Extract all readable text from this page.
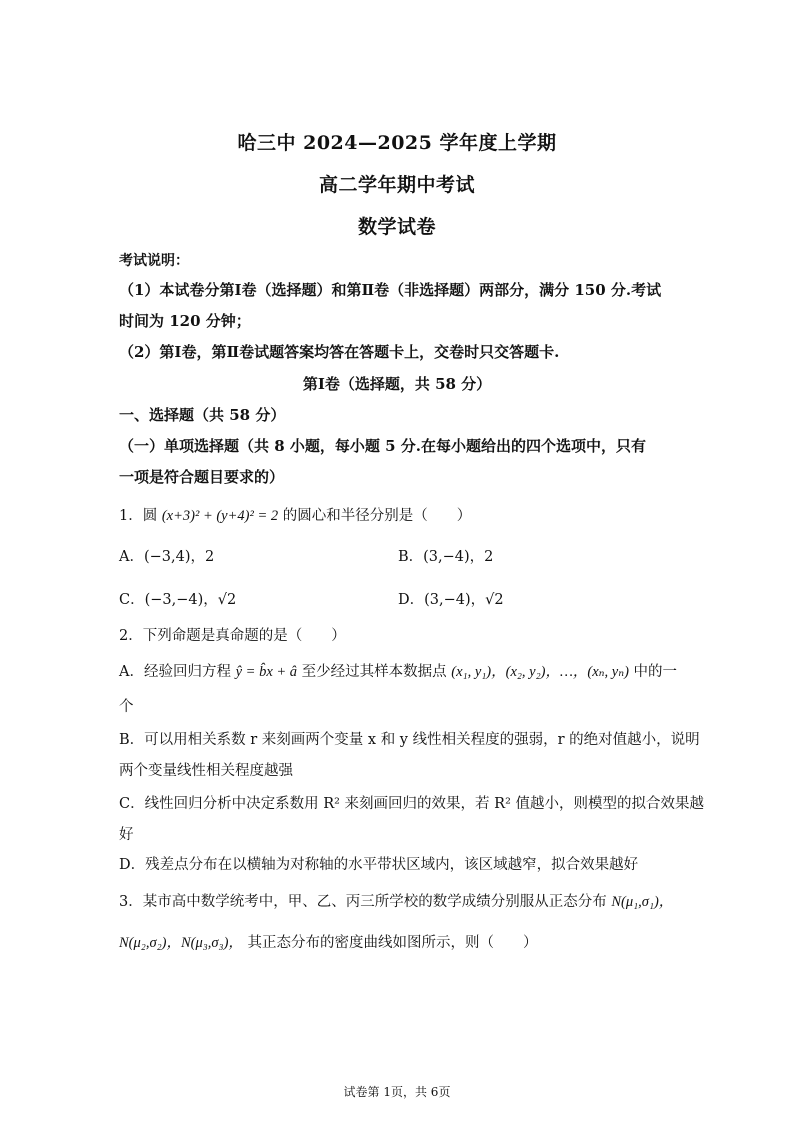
哈三中 2024—2025 学年度上学期
高二学年期中考试
数学试卷
考试说明：
（1）本试卷分第Ⅰ卷（选择题）和第Ⅱ卷（非选择题）两部分，满分 150 分.考试
时间为 120 分钟；
（2）第Ⅰ卷，第Ⅱ卷试题答案均答在答题卡上，交卷时只交答题卡.
第Ⅰ卷（选择题，共 58 分）
一、选择题（共 58 分）
（一）单项选择题（共 8 小题，每小题 5 分.在每小题给出的四个选项中，只有
一项是符合题目要求的）
1．圆 (x+3)² + (y+4)² = 2 的圆心和半径分别是（　　）
A．(−3,4)，2	B．(3,−4)，2
C．(−3,−4)，√2	D．(3,−4)，√2
2．下列命题是真命题的是（　　）
A．经验回归方程 ŷ = b̂x + â 至少经过其样本数据点 (x₁, y₁)，(x₂, y₂)，…，(xₙ, yₙ) 中的一
个
B．可以用相关系数 r 来刻画两个变量 x 和 y 线性相关程度的强弱，r 的绝对值越小，说明
两个变量线性相关程度越强
C．线性回归分析中决定系数用 R² 来刻画回归的效果，若 R² 值越小，则模型的拟合效果越
好
D．残差点分布在以横轴为对称轴的水平带状区域内，该区域越窄，拟合效果越好
3．某市高中数学统考中，甲、乙、丙三所学校的数学成绩分别服从正态分布 N(μ₁,σ₁)，
N(μ₂,σ₂)，N(μ₃,σ₃)， 其正态分布的密度曲线如图所示，则（　　）
试卷第 1页，共 6页
